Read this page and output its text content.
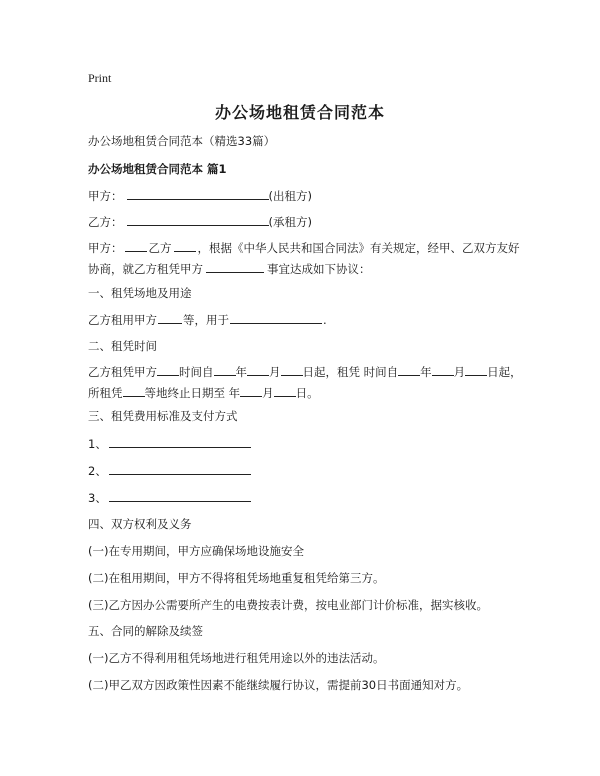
Print
办公场地租赁合同范本
办公场地租赁合同范本（精选33篇）
办公场地租赁合同范本 篇1
甲方：	(出租方)
乙方：	(承租方)
甲方： 乙方 ，根据《中华人民共和国合同法》有关规定，经甲、乙双方友好协商，就乙方租凭甲方	事宜达成如下协议：
一、租凭场地及用途
乙方租用甲方 等，用于	.
二、租凭时间
乙方租凭甲方 时间自 年 月 日起，租凭 时间自 年 月 日起，所租凭 等地终止日期至 年 月 日。
三、租凭费用标准及支付方式
1、
2、
3、
四、双方权利及义务
(一)在专用期间，甲方应确保场地设施安全
(二)在租用期间，甲方不得将租凭场地重复租凭给第三方。
(三)乙方因办公需要所产生的电费按表计费，按电业部门计价标准，据实核收。
五、合同的解除及续签
(一)乙方不得利用租凭场地进行租凭用途以外的违法活动。
(二)甲乙双方因政策性因素不能继续履行协议，需提前30日书面通知对方。
